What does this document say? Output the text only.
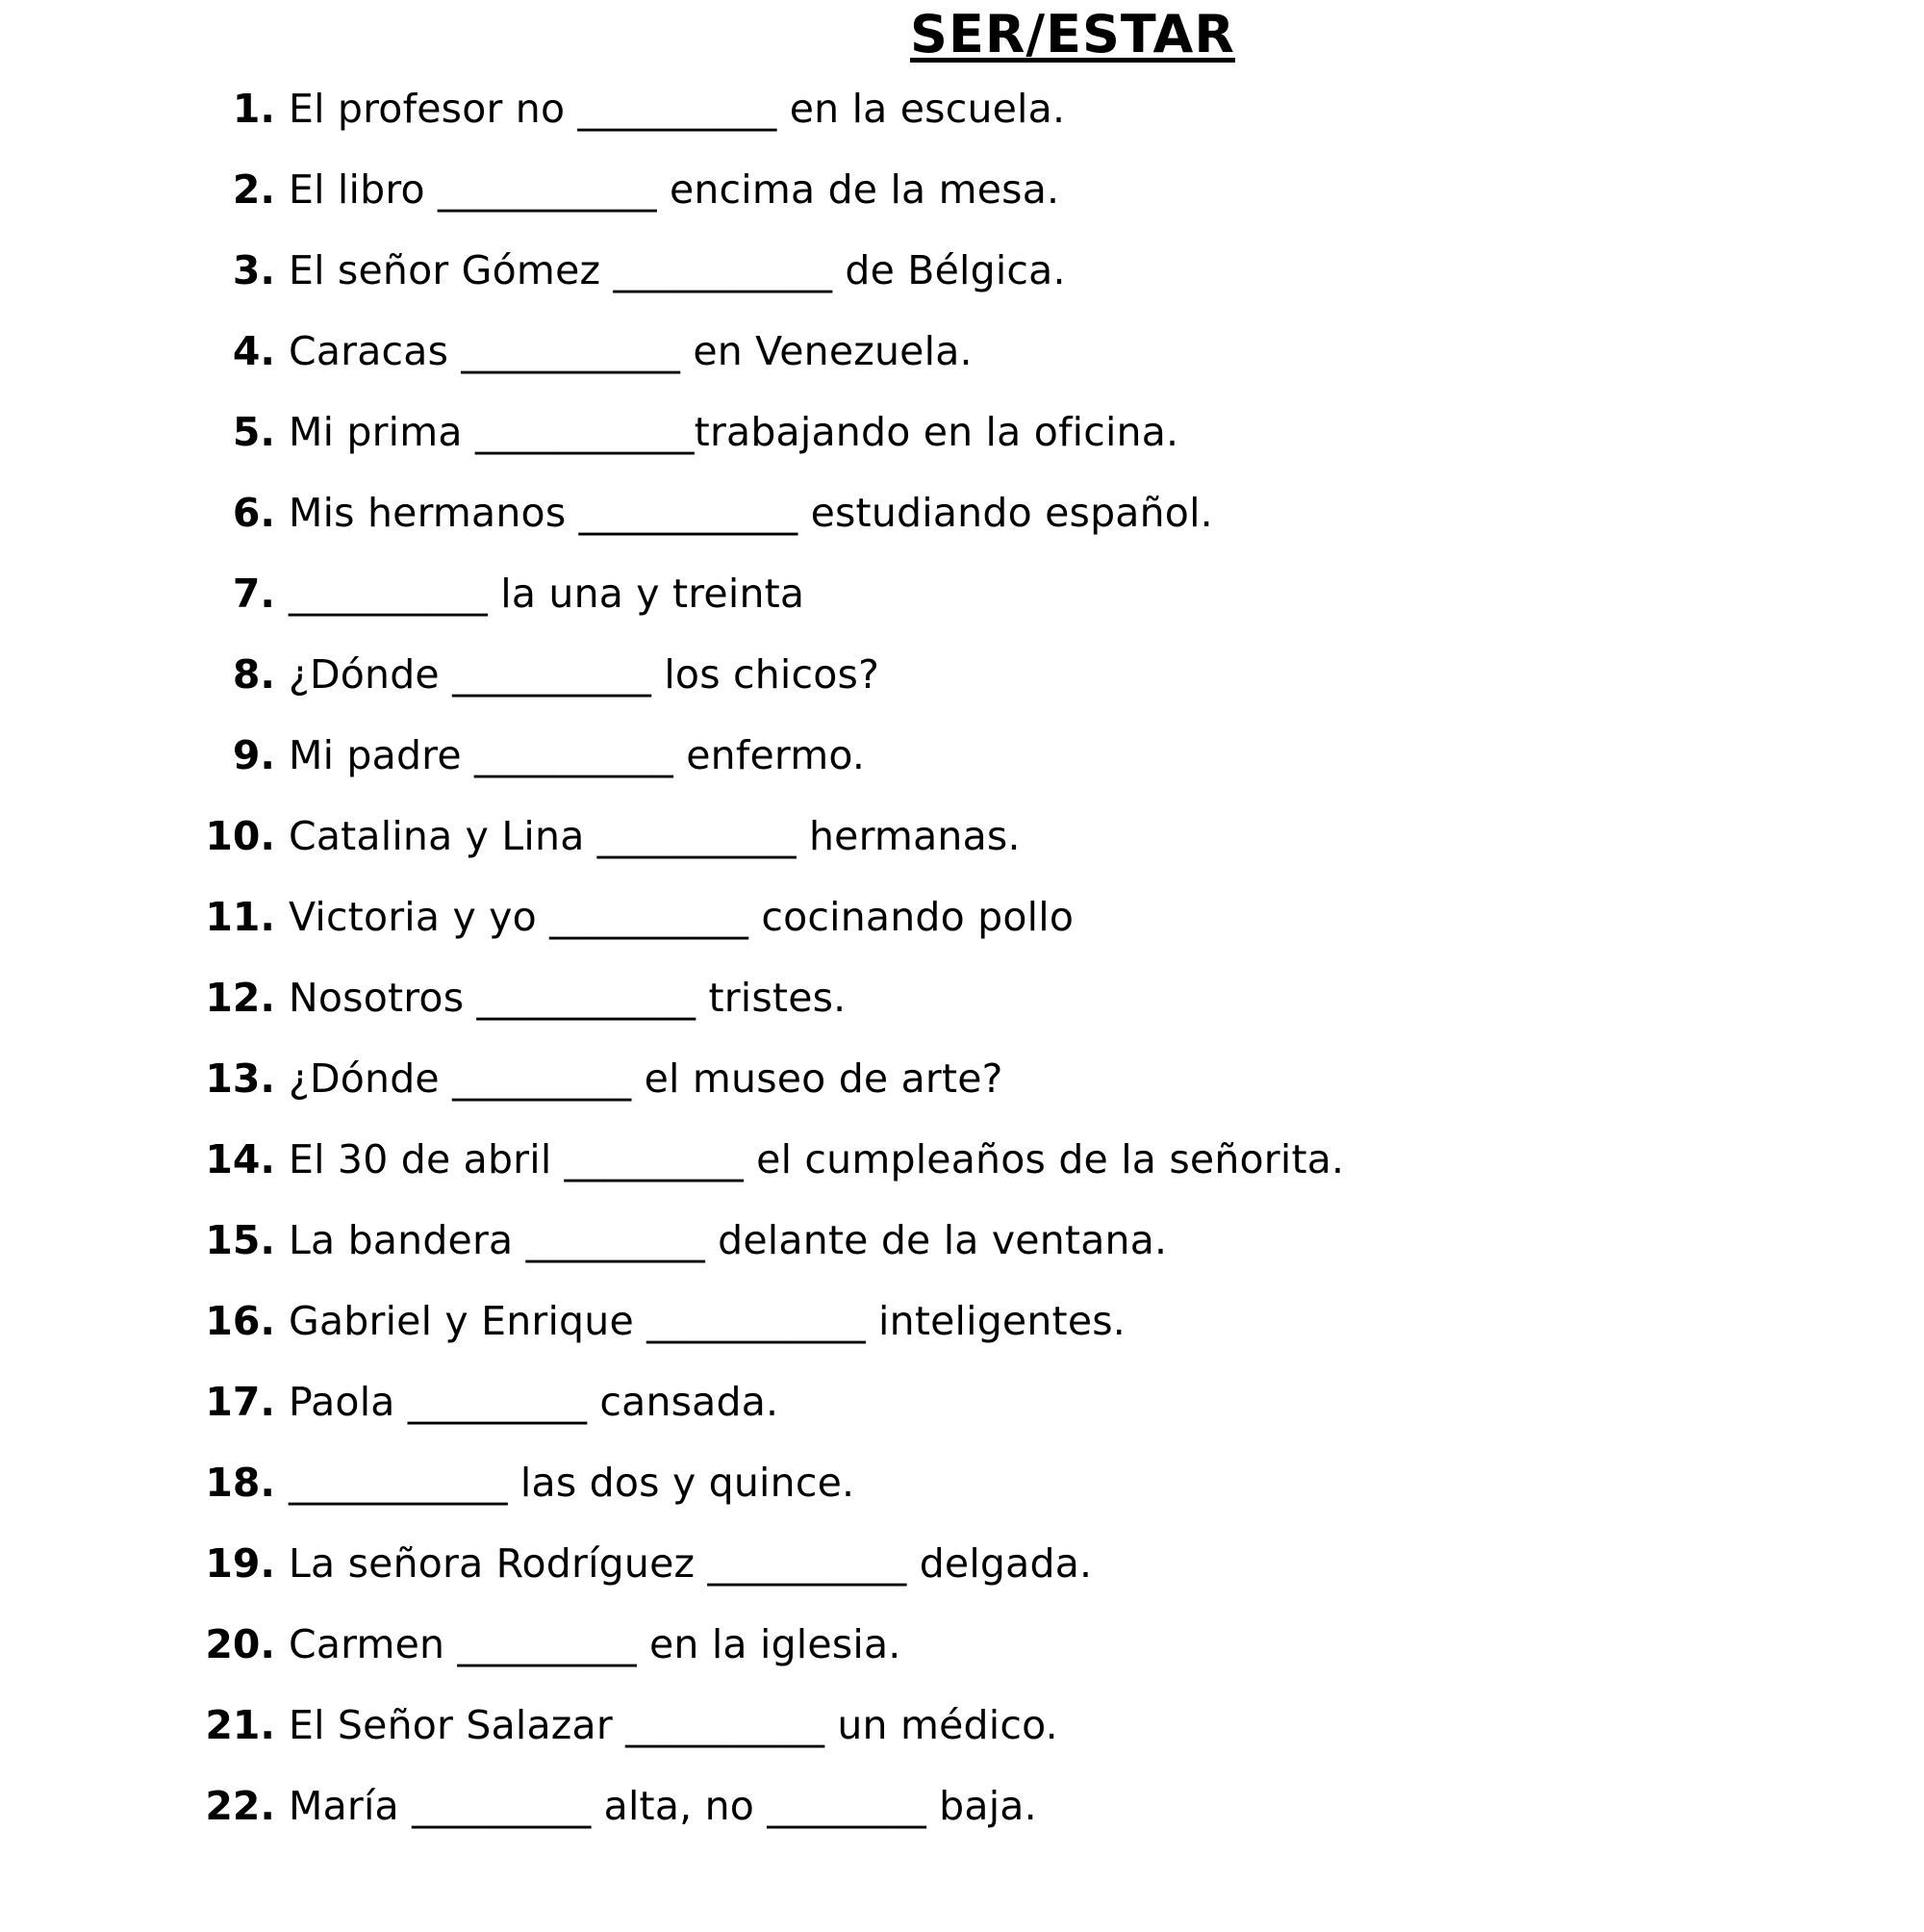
SER/ESTAR
1. El profesor no __________ en la escuela.
2. El libro ___________ encima de la mesa.
3. El señor Gómez ___________ de Bélgica.
4. Caracas ___________ en Venezuela.
5. Mi prima ___________trabajando en la oficina.
6. Mis hermanos ___________ estudiando español.
7. __________ la una y treinta
8. ¿Dónde __________ los chicos?
9. Mi padre __________ enfermo.
10. Catalina y Lina __________ hermanas.
11. Victoria y yo __________ cocinando pollo
12. Nosotros ___________ tristes.
13. ¿Dónde _________ el museo de arte?
14. El 30 de abril _________ el cumpleaños de la señorita.
15. La bandera _________ delante de la ventana.
16. Gabriel y Enrique ___________ inteligentes.
17. Paola _________ cansada.
18. ___________ las dos y quince.
19. La señora Rodríguez __________ delgada.
20. Carmen _________ en la iglesia.
21. El Señor Salazar __________ un médico.
22. María _________ alta, no ________ baja.
